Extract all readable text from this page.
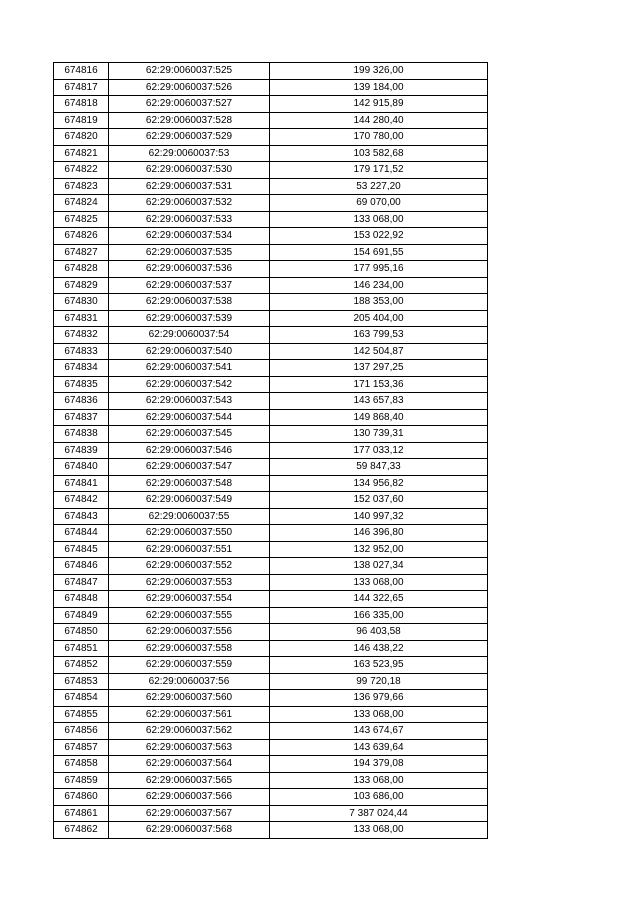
674816	62:29:0060037:525	199 326,00
674817	62:29:0060037:526	139 184,00
674818	62:29:0060037:527	142 915,89
674819	62:29:0060037:528	144 280,40
674820	62:29:0060037:529	170 780,00
674821	62:29:0060037:53	103 582,68
674822	62:29:0060037:530	179 171,52
674823	62:29:0060037:531	53 227,20
674824	62:29:0060037:532	69 070,00
674825	62:29:0060037:533	133 068,00
674826	62:29:0060037:534	153 022,92
674827	62:29:0060037:535	154 691,55
674828	62:29:0060037:536	177 995,16
674829	62:29:0060037:537	146 234,00
674830	62:29:0060037:538	188 353,00
674831	62:29:0060037:539	205 404,00
674832	62:29:0060037:54	163 799,53
674833	62:29:0060037:540	142 504,87
674834	62:29:0060037:541	137 297,25
674835	62:29:0060037:542	171 153,36
674836	62:29:0060037:543	143 657,83
674837	62:29:0060037:544	149 868,40
674838	62:29:0060037:545	130 739,31
674839	62:29:0060037:546	177 033,12
674840	62:29:0060037:547	59 847,33
674841	62:29:0060037:548	134 956,82
674842	62:29:0060037:549	152 037,60
674843	62:29:0060037:55	140 997,32
674844	62:29:0060037:550	146 396,80
674845	62:29:0060037:551	132 952,00
674846	62:29:0060037:552	138 027,34
674847	62:29:0060037:553	133 068,00
674848	62:29:0060037:554	144 322,65
674849	62:29:0060037:555	166 335,00
674850	62:29:0060037:556	96 403,58
674851	62:29:0060037:558	146 438,22
674852	62:29:0060037:559	163 523,95
674853	62:29:0060037:56	99 720,18
674854	62:29:0060037:560	136 979,66
674855	62:29:0060037:561	133 068,00
674856	62:29:0060037:562	143 674,67
674857	62:29:0060037:563	143 639,64
674858	62:29:0060037:564	194 379,08
674859	62:29:0060037:565	133 068,00
674860	62:29:0060037:566	103 686,00
674861	62:29:0060037:567	7 387 024,44
674862	62:29:0060037:568	133 068,00
